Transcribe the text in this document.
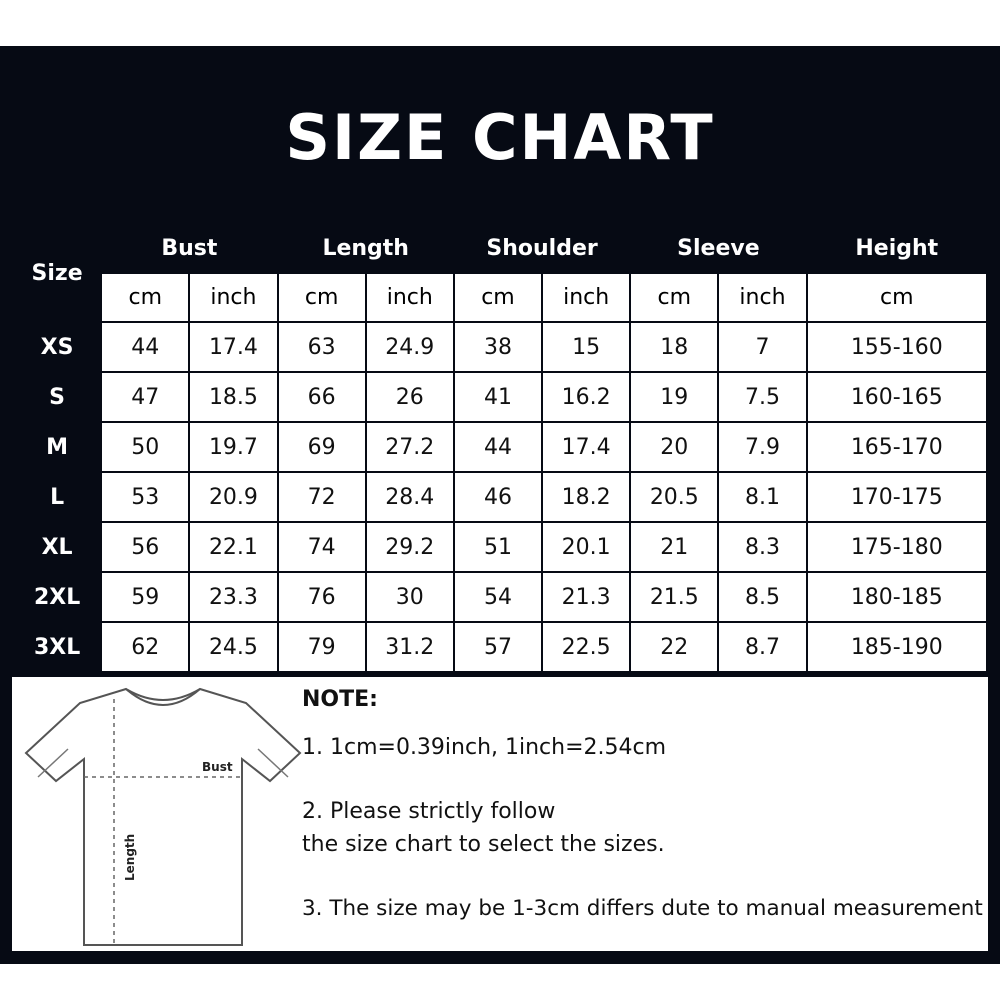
SIZE CHART
Size	Bust		Length		Shoulder		Sleeve		Height
	cm	inch	cm	inch	cm	inch	cm	inch	cm
XS	44	17.4	63	24.9	38	15	18	7	155-160
S	47	18.5	66	26	41	16.2	19	7.5	160-165
M	50	19.7	69	27.2	44	17.4	20	7.9	165-170
L	53	20.9	72	28.4	46	18.2	20.5	8.1	170-175
XL	56	22.1	74	29.2	51	20.1	21	8.3	175-180
2XL	59	23.3	76	30	54	21.3	21.5	8.5	180-185
3XL	62	24.5	79	31.2	57	22.5	22	8.7	185-190
Bust
Length
NOTE:
1. 1cm=0.39inch, 1inch=2.54cm
2. Please strictly follow
the size chart to select the sizes.
3. The size may be 1-3cm differs dute to manual measurement
